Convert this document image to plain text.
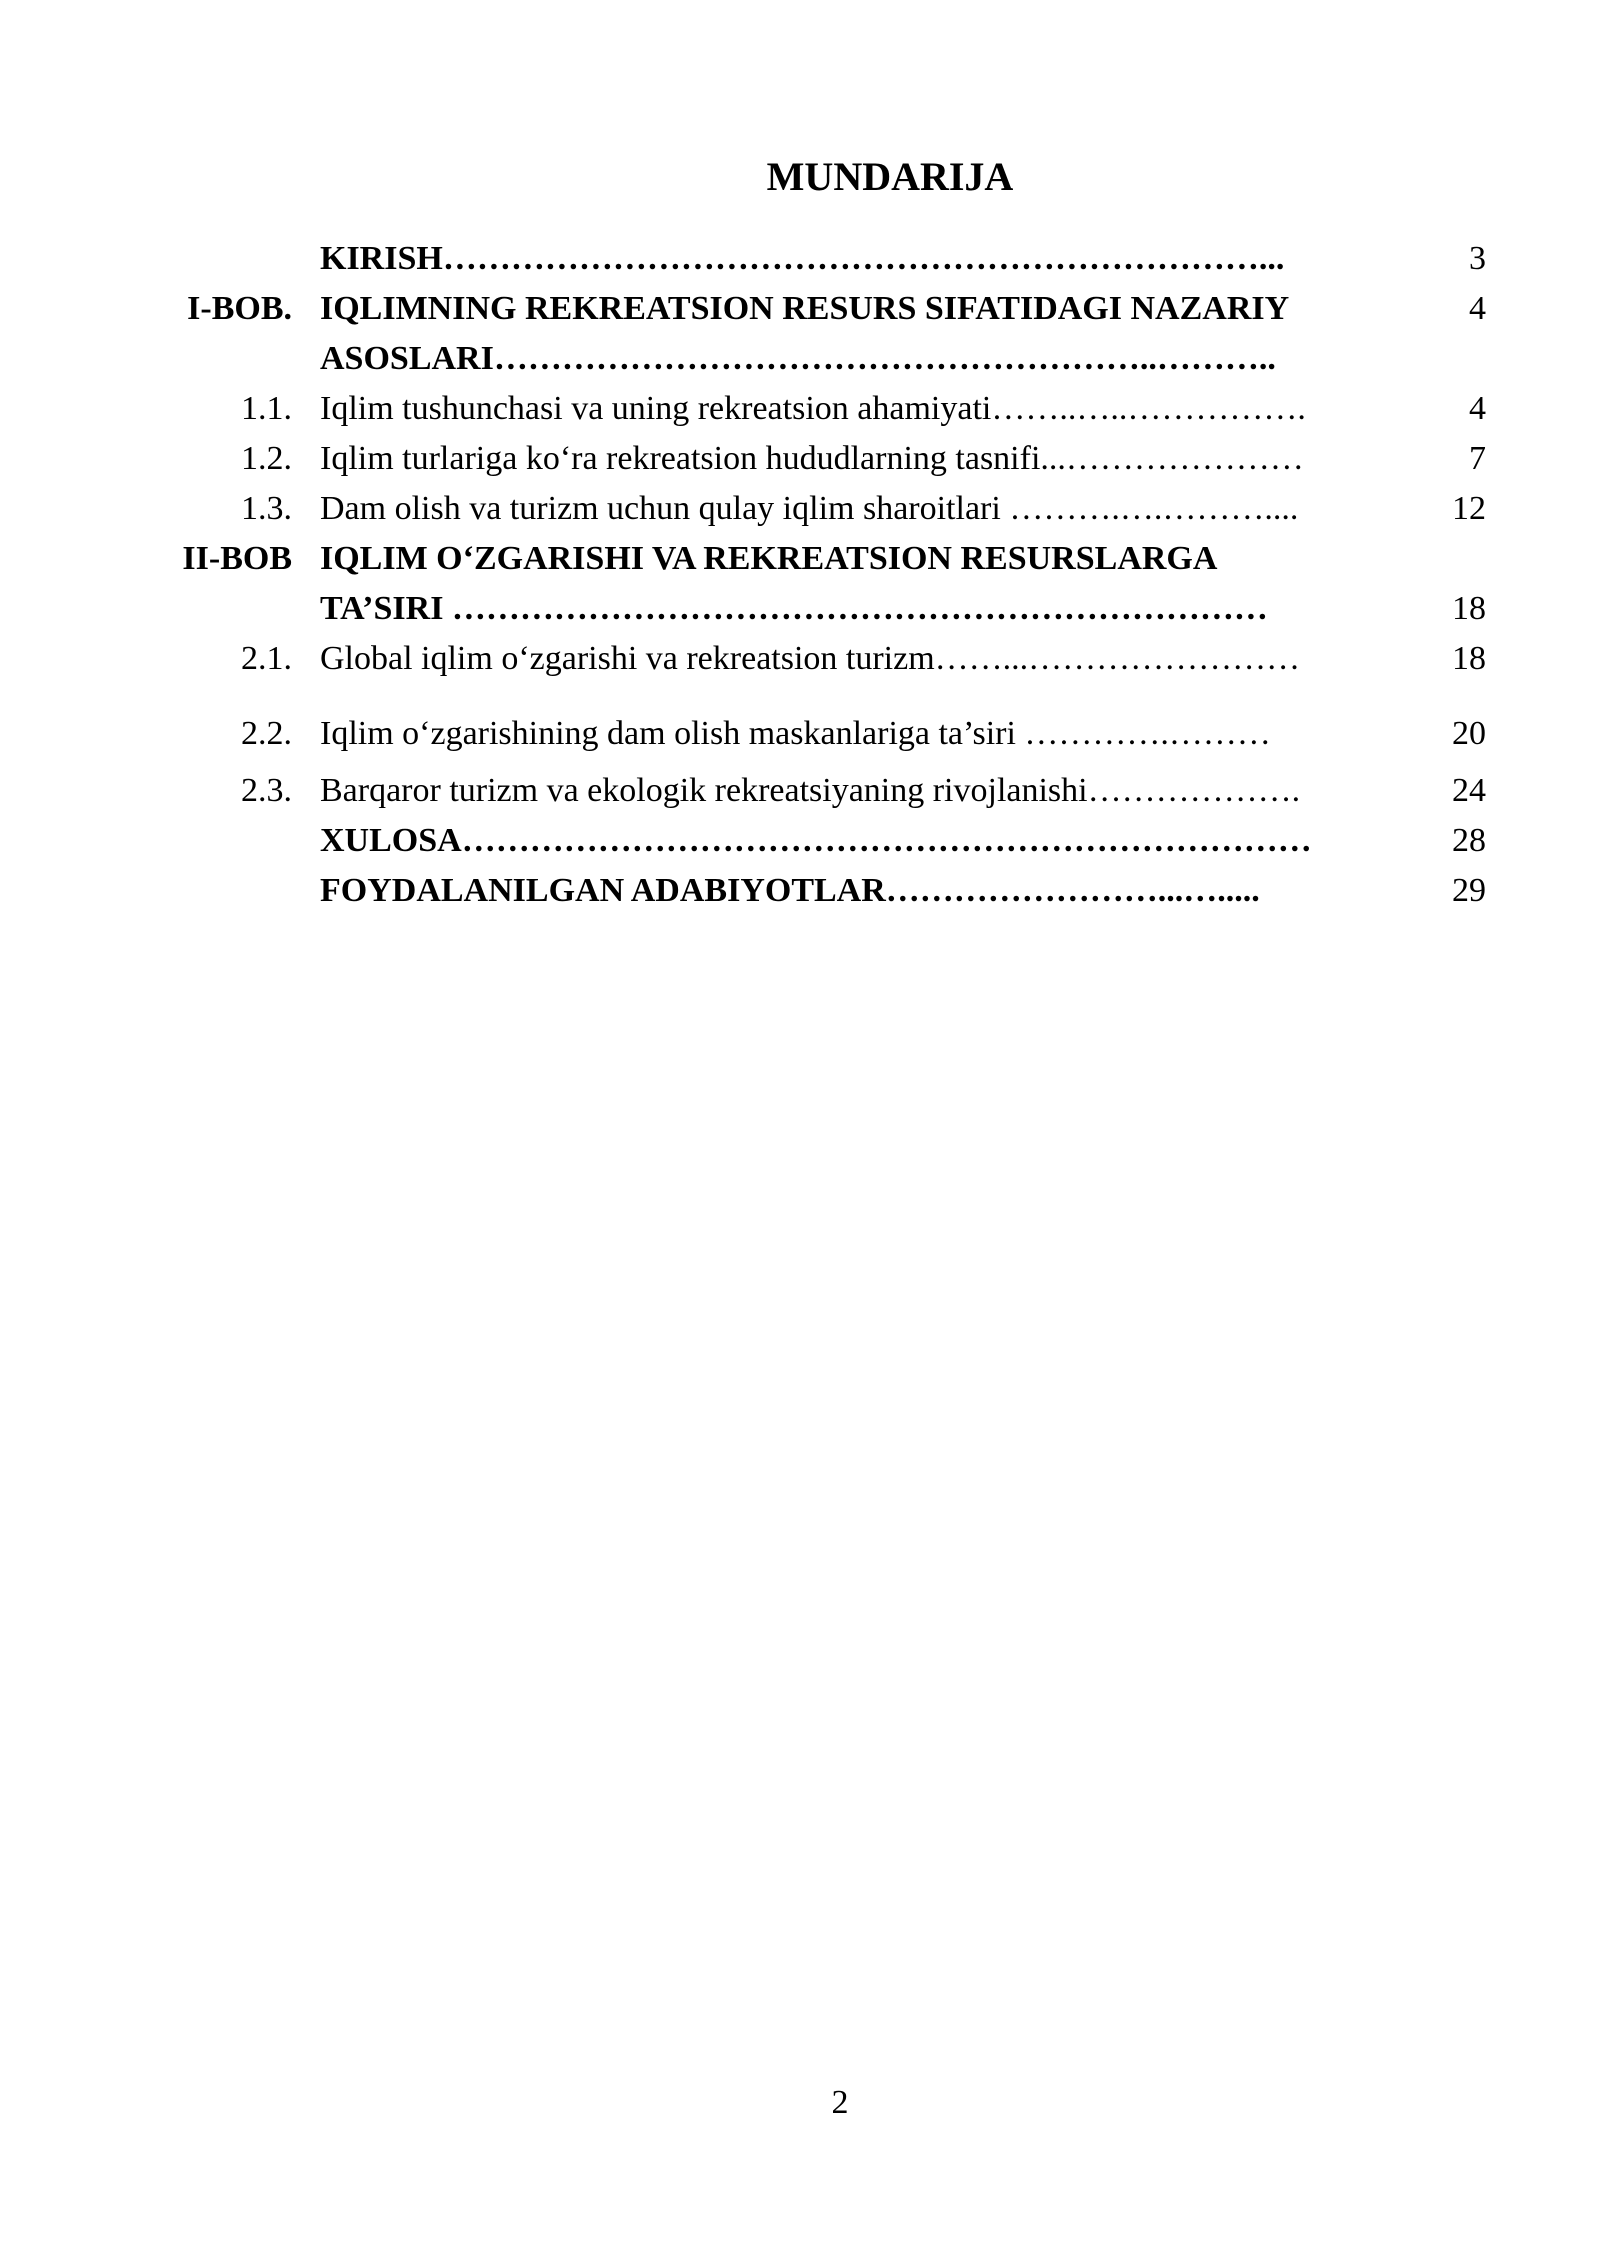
MUNDARIJA
KIRISH………………………………………………………………...	3
I-BOB. IQLIMNING REKREATSION RESURS SIFATIDAGI NAZARIY	4
ASOSLARI…………………………………………………..………..
1.1. Iqlim tushunchasi va uning rekreatsion ahamiyati……..…..…………….	4
1.2. Iqlim turlariga ko‘ra rekreatsion hududlarning tasnifi...…………………	7
1.3. Dam olish va turizm uchun qulay iqlim sharoitlari ……….….………....	12
II-BOB IQLIM O‘ZGARISHI VA REKREATSION RESURSLARGA
TA’SIRI ………………………………………………………………	18
2.1. Global iqlim o‘zgarishi va rekreatsion turizm……...……………………	18
2.2. Iqlim o‘zgarishining dam olish maskanlariga ta’siri ………….………	20
2.3. Barqaror turizm va ekologik rekreatsiyaning rivojlanishi……………….	24
XULOSA…………………………………………………………………	28
FOYDALANILGAN ADABIYOTLAR……………………...….....	29
2
